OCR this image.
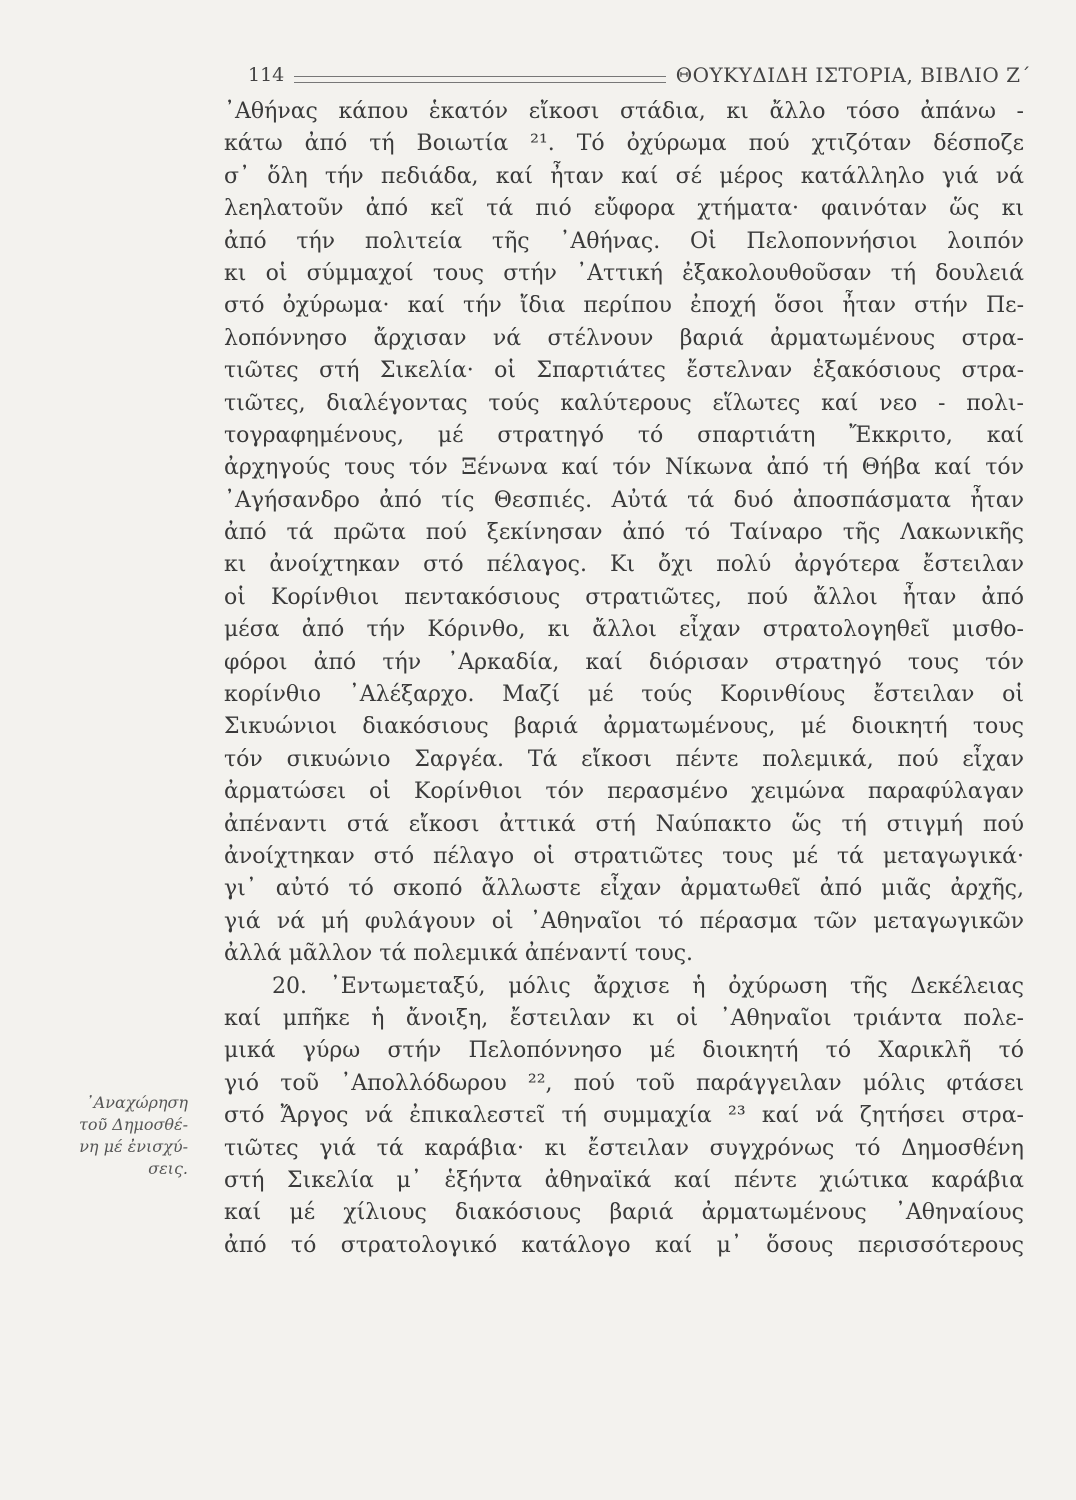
114	ΘΟΥΚΥΔΙΔΗ ΙΣΤΟΡΙΑ, ΒΙΒΛΙΟ Ζ΄
᾿Αναχώρηση
τοῦ Δημοσθέ-
νη μέ ἐνισχύ-
σεις.
᾿Αθήνας κάπου ἑκατόν εἴκοσι στάδια, κι ἄλλο τόσο ἀπάνω -
κάτω ἀπό τή Βοιωτία ²¹. Τό ὀχύρωμα πού χτιζόταν δέσποζε
σ᾿ ὅλη τήν πεδιάδα, καί ἦταν καί σέ μέρος κατάλληλο γιά νά
λεηλατοῦν ἀπό κεῖ τά πιό εὔφορα χτήματα· φαινόταν ὥς κι
ἀπό τήν πολιτεία τῆς ᾿Αθήνας. Οἱ Πελοποννήσιοι λοιπόν
κι οἱ σύμμαχοί τους στήν ᾿Αττική ἐξακολουθοῦσαν τή δουλειά
στό ὀχύρωμα· καί τήν ἴδια περίπου ἐποχή ὅσοι ἦταν στήν Πε-
λοπόννησο ἄρχισαν νά στέλνουν βαριά ἀρματωμένους στρα-
τιῶτες στή Σικελία· οἱ Σπαρτιάτες ἔστελναν ἑξακόσιους στρα-
τιῶτες, διαλέγοντας τούς καλύτερους εἵλωτες καί νεο - πολι-
τογραφημένους, μέ στρατηγό τό σπαρτιάτη Ἔκκριτο, καί
ἀρχηγούς τους τόν Ξένωνα καί τόν Νίκωνα ἀπό τή Θήβα καί τόν
᾿Αγήσανδρο ἀπό τίς Θεσπιές. Αὐτά τά δυό ἀποσπάσματα ἦταν
ἀπό τά πρῶτα πού ξεκίνησαν ἀπό τό Ταίναρο τῆς Λακωνικῆς
κι ἀνοίχτηκαν στό πέλαγος. Κι ὄχι πολύ ἀργότερα ἔστειλαν
οἱ Κορίνθιοι πεντακόσιους στρατιῶτες, πού ἄλλοι ἦταν ἀπό
μέσα ἀπό τήν Κόρινθο, κι ἄλλοι εἶχαν στρατολογηθεῖ μισθο-
φόροι ἀπό τήν ᾿Αρκαδία, καί διόρισαν στρατηγό τους τόν
κορίνθιο ᾿Αλέξαρχο. Μαζί μέ τούς Κορινθίους ἔστειλαν οἱ
Σικυώνιοι διακόσιους βαριά ἀρματωμένους, μέ διοικητή τους
τόν σικυώνιο Σαργέα. Τά εἴκοσι πέντε πολεμικά, πού εἶχαν
ἀρματώσει οἱ Κορίνθιοι τόν περασμένο χειμώνα παραφύλαγαν
ἀπέναντι στά εἴκοσι ἀττικά στή Ναύπακτο ὥς τή στιγμή πού
ἀνοίχτηκαν στό πέλαγο οἱ στρατιῶτες τους μέ τά μεταγωγικά·
γι᾿ αὐτό τό σκοπό ἄλλωστε εἶχαν ἀρματωθεῖ ἀπό μιᾶς ἀρχῆς,
γιά νά μή φυλάγουν οἱ ᾿Αθηναῖοι τό πέρασμα τῶν μεταγωγικῶν
ἀλλά μᾶλλον τά πολεμικά ἀπέναντί τους.
20. ᾿Εντωμεταξύ, μόλις ἄρχισε ἡ ὀχύρωση τῆς Δεκέλειας
καί μπῆκε ἡ ἄνοιξη, ἔστειλαν κι οἱ ᾿Αθηναῖοι τριάντα πολε-
μικά γύρω στήν Πελοπόννησο μέ διοικητή τό Χαρικλῆ τό
γιό τοῦ ᾿Απολλόδωρου ²², πού τοῦ παράγγειλαν μόλις φτάσει
στό Ἄργος νά ἐπικαλεστεῖ τή συμμαχία ²³ καί νά ζητήσει στρα-
τιῶτες γιά τά καράβια· κι ἔστειλαν συγχρόνως τό Δημοσθένη
στή Σικελία μ᾿ ἑξήντα ἀθηναϊκά καί πέντε χιώτικα καράβια
καί μέ χίλιους διακόσιους βαριά ἀρματωμένους ᾿Αθηναίους
ἀπό τό στρατολογικό κατάλογο καί μ᾿ ὅσους περισσότερους
